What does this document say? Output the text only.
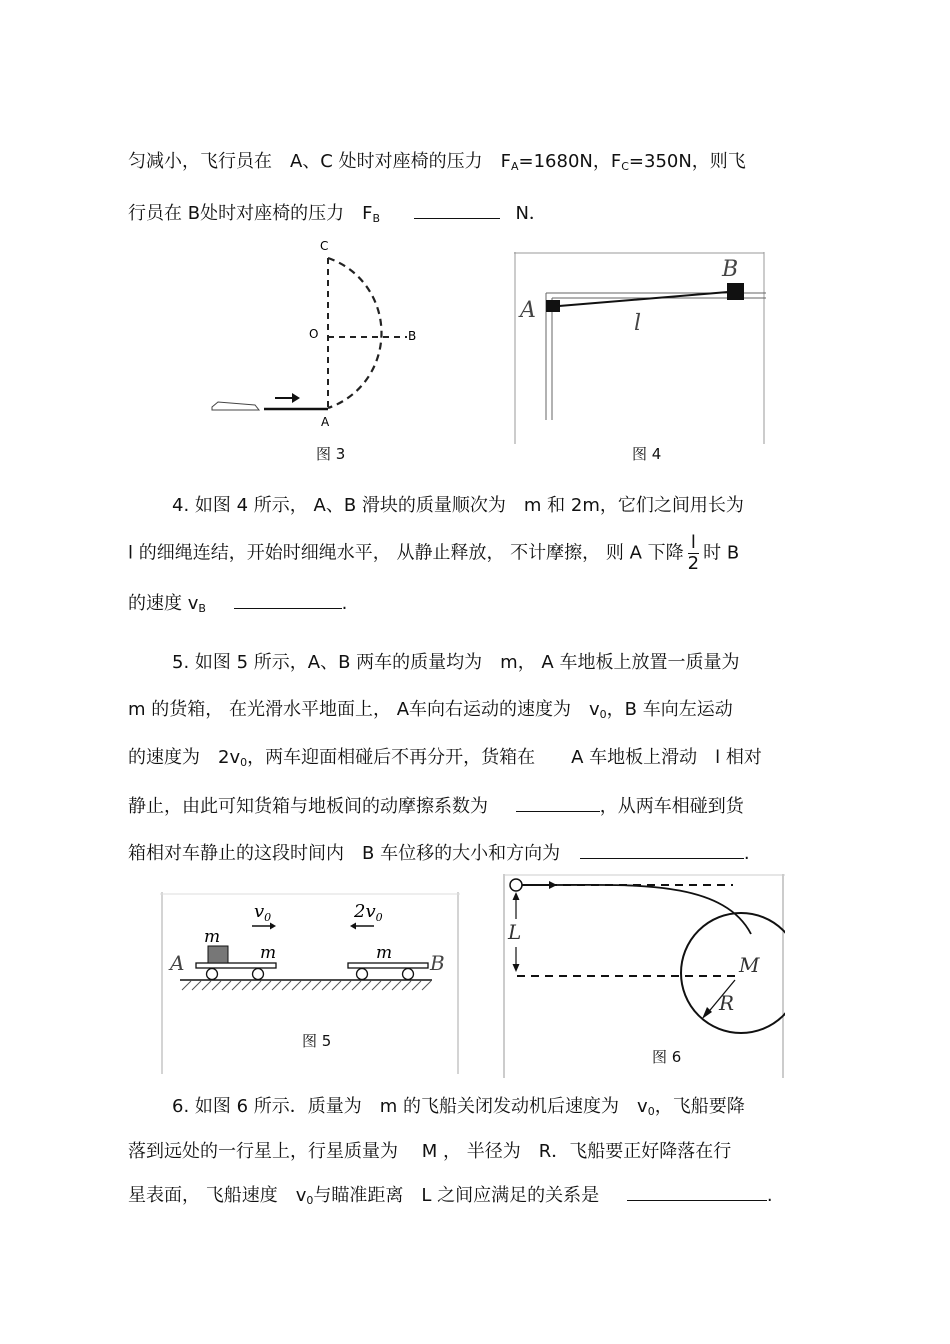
匀减小，飞行员在　A、C 处时对座椅的压力　$F_A=1680N$，$F_C=350N$，则飞
行员在 B处时对座椅的压力　$F_B$	N．
C
O	B
A
图 3
A
B
l
图 4
4. 如图 4 所示， A、B 滑块的质量顺次为　m 和 2m，它们之间用长为
l 的细绳连结，开始时细绳水平， 从静止释放， 不计摩擦， 则 A 下降 $\frac{l}{2}$ 时 B
的速度 $v_B$	.
5. 如图 5 所示，A、B 两车的质量均为　m， A 车地板上放置一质量为
m 的货箱， 在光滑水平地面上， A车向右运动的速度为　$v_0$，B 车向左运动
的速度为　$2v_0$，两车迎面相碰后不再分开，货箱在　　A 车地板上滑动　l 相对
静止，由此可知货箱与地板间的动摩擦系数为	，从两车相碰到货
箱相对车静止的这段时间内　B 车位移的大小和方向为	.
$v_0$	$2v_0$
m
m	m
A	B
图 5
L
M
R
图 6
6. 如图 6 所示．质量为　m 的飞船关闭发动机后速度为　$v_0$，飞船要降
落到远处的一行星上，行星质量为　 M ， 半径为　R．飞船要正好降落在行
星表面， 飞船速度　$v_0$与瞄准距离　L 之间应满足的关系是	.
